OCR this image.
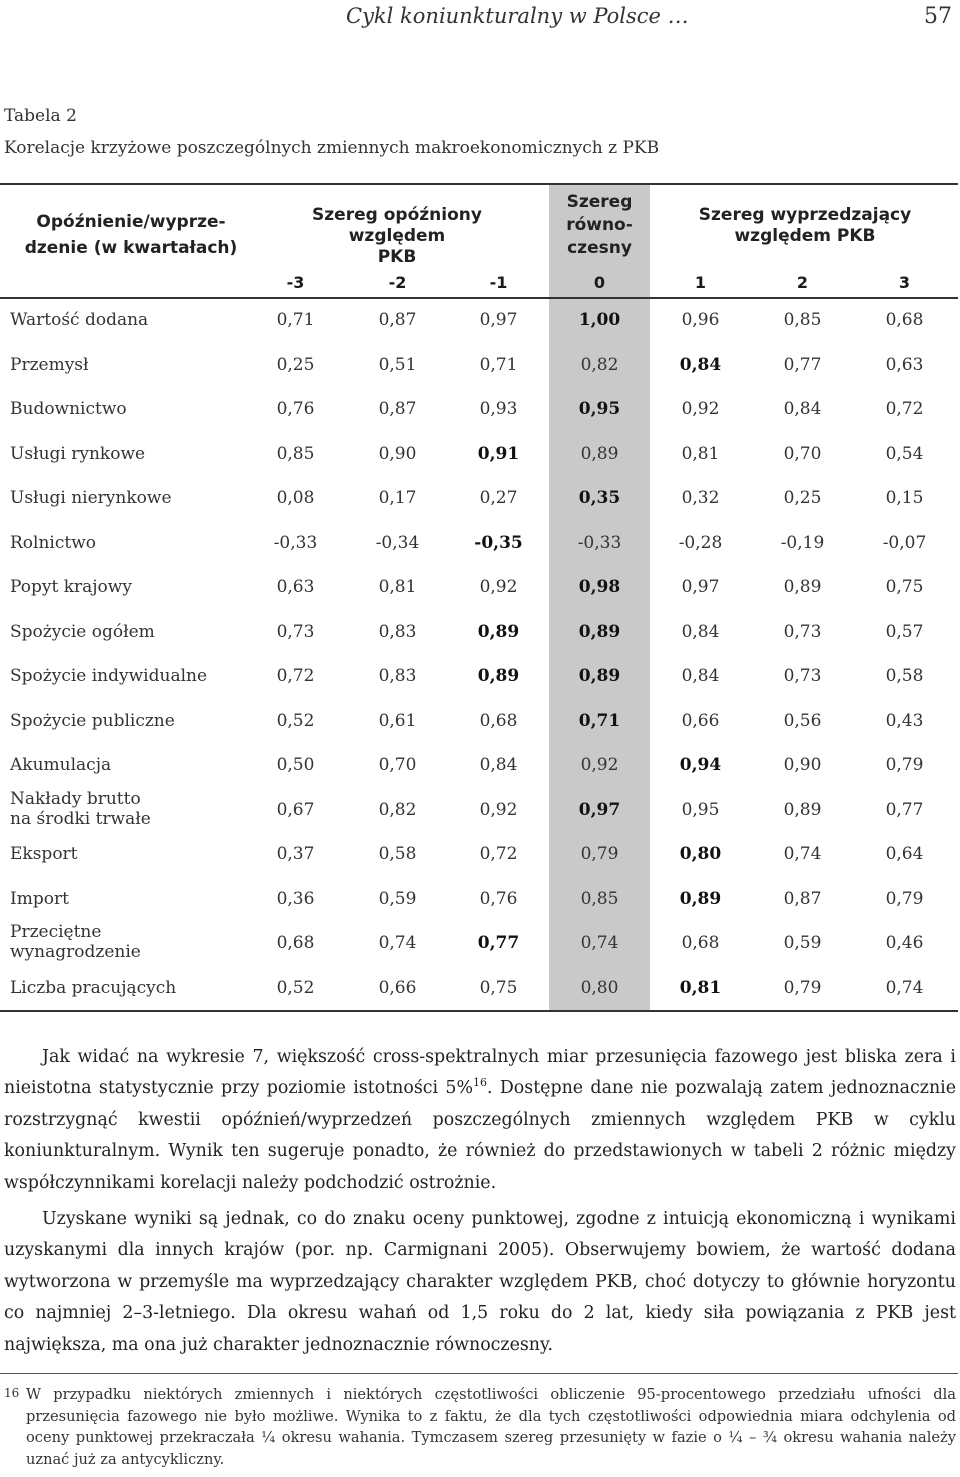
Cykl koniunkturalny w Polsce …	57
Tabela 2
Korelacje krzyżowe poszczególnych zmiennych makroekonomicznych z PKB
Opóźnienie/wyprze-
dzenie (w kwartałach)
Szereg opóźniony względem
PKB
Szereg
równo-
czesny
Szereg wyprzedzający
względem PKB
-3	-2	-1	0	1	2	3
Wartość dodana	0,71	0,87	0,97	1,00	0,96	0,85	0,68
Przemysł	0,25	0,51	0,71	0,82	0,84	0,77	0,63
Budownictwo	0,76	0,87	0,93	0,95	0,92	0,84	0,72
Usługi rynkowe	0,85	0,90	0,91	0,89	0,81	0,70	0,54
Usługi nierynkowe	0,08	0,17	0,27	0,35	0,32	0,25	0,15
Rolnictwo	-0,33	-0,34	-0,35	-0,33	-0,28	-0,19	-0,07
Popyt krajowy	0,63	0,81	0,92	0,98	0,97	0,89	0,75
Spożycie ogółem	0,73	0,83	0,89	0,89	0,84	0,73	0,57
Spożycie indywidualne	0,72	0,83	0,89	0,89	0,84	0,73	0,58
Spożycie publiczne	0,52	0,61	0,68	0,71	0,66	0,56	0,43
Akumulacja	0,50	0,70	0,84	0,92	0,94	0,90	0,79
Nakłady brutto
na środki trwałe	0,67	0,82	0,92	0,97	0,95	0,89	0,77
Eksport	0,37	0,58	0,72	0,79	0,80	0,74	0,64
Import	0,36	0,59	0,76	0,85	0,89	0,87	0,79
Przeciętne
wynagrodzenie	0,68	0,74	0,77	0,74	0,68	0,59	0,46
Liczba pracujących	0,52	0,66	0,75	0,80	0,81	0,79	0,74
Jak widać na wykresie 7, większość cross-spektralnych miar przesunięcia fazowego jest bliska zera i nieistotna statystycznie przy poziomie istotności 5%$^{16}$. Dostępne dane nie pozwalają zatem jednoznacznie rozstrzygnąć kwestii opóźnień/wyprzedzeń poszczególnych zmiennych względem PKB w cyklu koniunkturalnym. Wynik ten sugeruje ponadto, że również do przedstawionych w tabeli 2 różnic między współczynnikami korelacji należy podchodzić ostrożnie.
Uzyskane wyniki są jednak, co do znaku oceny punktowej, zgodne z intuicją ekonomiczną i wynikami uzyskanymi dla innych krajów (por. np. Carmignani 2005). Obserwujemy bowiem, że wartość dodana wytworzona w przemyśle ma wyprzedzający charakter względem PKB, choć dotyczy to głównie horyzontu co najmniej 2–3-letniego. Dla okresu wahań od 1,5 roku do 2 lat, kiedy siła powiązania z PKB jest największa, ma ona już charakter jednoznacznie równoczesny.
16 W przypadku niektórych zmiennych i niektórych częstotliwości obliczenie 95-procentowego przedziału ufności dla przesunięcia fazowego nie było możliwe. Wynika to z faktu, że dla tych częstotliwości odpowiednia miara odchylenia od oceny punktowej przekraczała ¼ okresu wahania. Tymczasem szereg przesunięty w fazie o ¼ – ¾ okresu wahania należy uznać już za antycykliczny.
